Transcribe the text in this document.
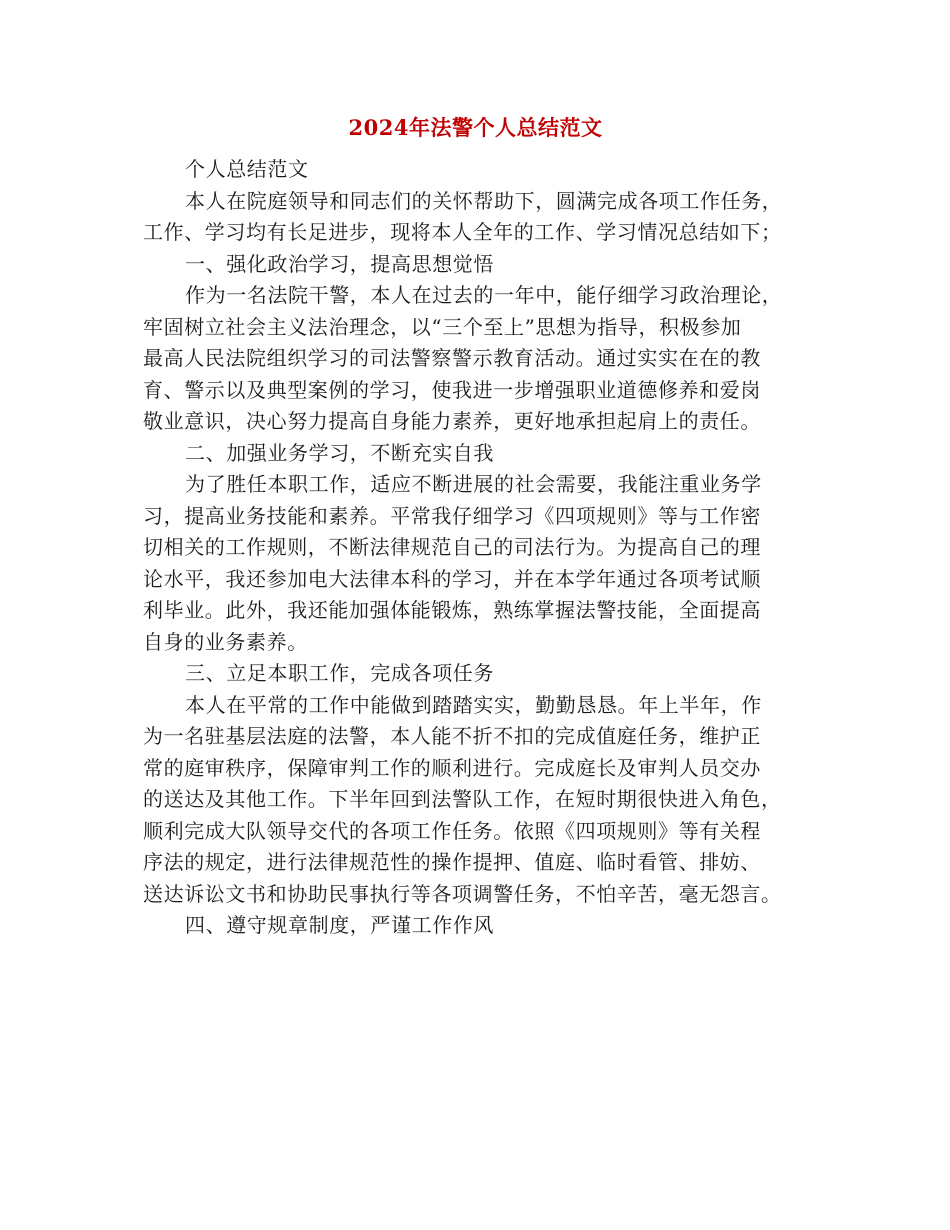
2024年法警个人总结范文

个人总结范文

本人在院庭领导和同志们的关怀帮助下，圆满完成各项工作任务，

工作、学习均有长足进步，现将本人全年的工作、学习情况总结如下；

一、强化政治学习，提高思想觉悟

作为一名法院干警，本人在过去的一年中，能仔细学习政治理论，

牢固树立社会主义法治理念，以“三个至上”思想为指导，积极参加

最高人民法院组织学习的司法警察警示教育活动。通过实实在在的教

育、警示以及典型案例的学习，使我进一步增强职业道德修养和爱岗

敬业意识，决心努力提高自身能力素养，更好地承担起肩上的责任。

二、加强业务学习，不断充实自我

为了胜任本职工作，适应不断进展的社会需要，我能注重业务学

习，提高业务技能和素养。平常我仔细学习《四项规则》等与工作密

切相关的工作规则，不断法律规范自己的司法行为。为提高自己的理

论水平，我还参加电大法律本科的学习，并在本学年通过各项考试顺

利毕业。此外，我还能加强体能锻炼，熟练掌握法警技能，全面提高

自身的业务素养。

三、立足本职工作，完成各项任务

本人在平常的工作中能做到踏踏实实，勤勤恳恳。年上半年，作

为一名驻基层法庭的法警，本人能不折不扣的完成值庭任务，维护正

常的庭审秩序，保障审判工作的顺利进行。完成庭长及审判人员交办

的送达及其他工作。下半年回到法警队工作，在短时期很快进入角色，

顺利完成大队领导交代的各项工作任务。依照《四项规则》等有关程

序法的规定，进行法律规范性的操作提押、值庭、临时看管、排妨、

送达诉讼文书和协助民事执行等各项调警任务，不怕辛苦，毫无怨言。

四、遵守规章制度，严谨工作作风
